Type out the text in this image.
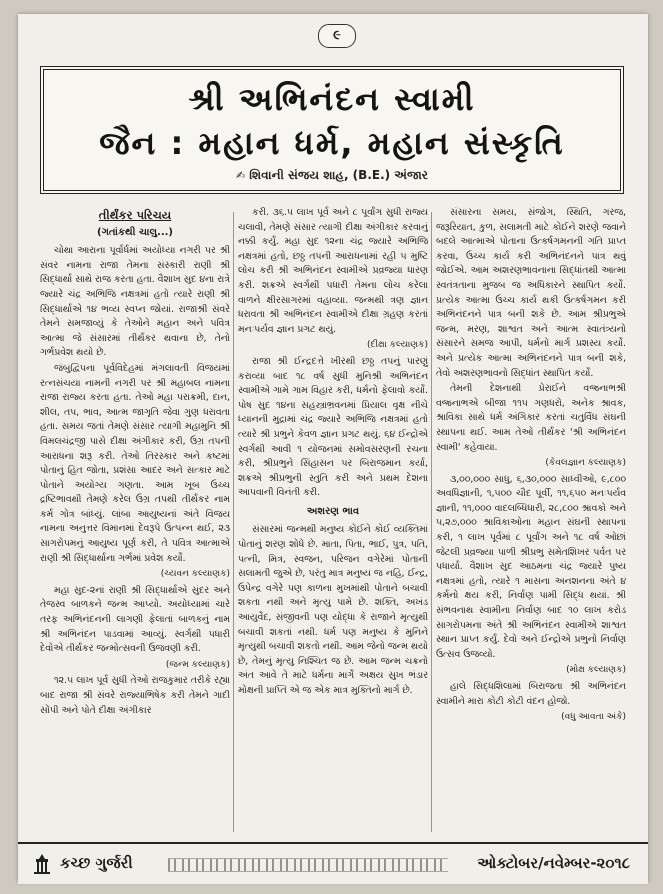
૯
શ્રી અભિનંદન સ્વામી
જૈન : મહાન ધર્મ, મહાન સંસ્કૃતિ
✍ શિવાની સંજય શાહ, (B.E.) અંજાર
તીર્થંકર પરિચય
(ગતાંકથી ચાલુ...)

ચોથા આરાના પૂર્વાર્ધમાં અયોધ્યા નગરી પર શ્રી સંવર નામના રાજા તેમના સંસ્કારી રાણી શ્રી સિદ્ધાર્થા સાથે રાજ કરતા હતા. વૈશાખ સુદ ૪ના રાત્રે જ્યારે ચંદ્ર અભિજિ નક્ષત્રમાં હતો ત્યારે રાણી શ્રી સિદ્ધાર્થાએ ૧૪ ભવ્ય સ્વપ્ન જોયાં. રાજાશ્રી સંવરે તેમને સમજાવ્યું કે તેઓને મહાન અને પવિત્ર આત્મા જે સંસારમાં તીર્થંકર થવાના છે, તેનો ગર્ભપ્રવેશ થયો છે.

જંબુદ્વિપના પૂર્વવિદેહમાં મંગલાવતી વિજયમાં રત્નસંચયા નામની નગરી પર શ્રી મહાબલ નામના રાજા રાજ્ય કરતા હતા. તેઓ મહા પરાક્રમી, દાન, શીલ, તપ, ભાવ, આત્મ જાગૃતિ જેવા ગુણ ધરાવતા હતા. સમય જતાં તેમણે સંસાર ત્યાગી મહામુનિ શ્રી વિમલચંદ્રજી પાસે દીક્ષા અંગીકાર કરી, ઉગ્ર તપની આરાધના શરૂ કરી. તેઓ તિરસ્કાર અને કષ્ટમાં પોતાનું હિત જોતા, પ્રશંસા આદર અને સત્કાર માટે પોતાને અયોગ્ય ગણતા. આમ ખૂબ ઉચ્ચ દ્રષ્ટિભાવથી તેમણે કરેલ ઉગ્ર તપથી તીર્થંકર નામ કર્મ ગોત્ર બાંધ્યું. લાંબા આયુષ્યનાં અંતે વિજય નામના અનુત્તર વિમાનમાં દેવરૂપે ઉત્પન્ન થઈ, ૨૩ સાગરોપમનું આયુષ્ય પૂર્ણ કરી, તે પવિત્ર આત્માએ રાણી શ્રી સિદ્ધાર્થાના ગર્ભમાં પ્રવેશ કર્યો.

(ચ્યવન કલ્યાણક)

મહા સુદ-૨નાં રાણી શ્રી સિદ્ધાર્થાએ સુંદર અને તેજસ્વ બાળકને જન્મ આપ્યો. અયોધ્યામાં ચારે તરફ અભિનંદનની લાગણી ફેલાતાં બાળકનું નામ શ્રી અભિનંદન પાડવામાં આવ્યું. સ્વર્ગથી પધારી દેવોએ તીર્થંકર જન્મોત્સવની ઉજવણી કરી.

(જન્મ કલ્યાણક)

૧૨.૫ લાખ પૂર્વ સુધી તેઓ રાજકુમાર તરીકે રહ્યા બાદ રાજા શ્રી સંવરે રાજ્યાભિષેક કરી તેમને ગાદી સોંપી અને પોતે દીક્ષા અંગીકાર

કરી. ૩૬.૫ લાખ પૂર્વ અને ૮ પૂર્વાંગ સુધી રાજ્ય ચલાવી, તેમણે સંસાર ત્યાગી દીક્ષા અંગીકાર કરવાનું નક્કી કર્યું. મહા સુદ ૧૨ના ચંદ્ર જ્યારે અભિજિ નક્ષત્રમાં હતો, છઠ્ઠ તપની આરાધનામાં રહી ૫ મુષ્ટિ લોચ કરી શ્રી અભિનંદન સ્વામીએ પ્રવ્રજ્યા ધારણ કરી. શક્રએ સ્વર્ગથી પધારી તેમના લોચ કરેલા વાળને ક્ષીરસાગરમાં વહાવ્યા. જન્મથી ત્રણ જ્ઞાન ધરાવતા શ્રી અભિનંદન સ્વામીએ દીક્ષા ગ્રહણ કરતાં મનઃપર્યવ જ્ઞાન પ્રગટ થયું.

(દીક્ષા કલ્યાણક)

રાજા શ્રી ઈન્દ્રદત્તે ખીરથી છઠ્ઠ તપનું પારણું કરાવ્યા બાદ ૧૮ વર્ષ સુધી મુનિશ્રી અભિનંદન સ્વામીએ ગામે ગામ વિહાર કરી, ધર્મનો ફેલાવો કર્યો. પોષ સુદ ૧૪ના સહસ્ત્રાભ્રવનમાં પ્રિયાલ વૃક્ષ નીચે ધ્યાનની મુદ્રામાં ચંદ્ર જ્યારે અભિજિ નક્ષત્રમાં હતો ત્યારે શ્રી પ્રભુને કેવળ જ્ઞાન પ્રગટ થયું. ૬૪ ઈન્દ્રોએ સ્વર્ગથી આવી ૧ યોજનમાં સમોવસરણની રચના કરી, શ્રીપ્રભુને સિંહાસન પર બિરાજમાન કર્યા, શક્રએ શ્રીપ્રભુની સ્તુતિ કરી અને પ્રથમ દેશના આપવાની વિનંતી કરી.

અશરણ ભાવ

સંસારમાં જન્મથી મનુષ્ય કોઈને કોઈ વ્યક્તિમાં પોતાનું શરણ શોધે છે. માતા, પિતા, ભાઈ, પુત્ર, પતિ, પત્ની, મિત્ર, સ્વજન, પરિજન વગેરેમાં પોતાની સલામતી જુએ છે, પરંતુ માત્ર મનુષ્ય જ નહિ, ઈન્દ્ર, ઉપેન્દ્ર વગેરે પણ કાળના મુખમાંથી પોતાને બચાવી શકતા નથી અને મૃત્યુ પામે છે. શક્તિ, અખંડ આયુર્વેદ, સંજીવની પણ યોદ્ધા કે રાજાને મૃત્યુથી બચાવી શકતાં નથી. ધર્મ પણ મનુષ્ય કે મુનિને મૃત્યુથી બચાવી શકતો નથી. આમ જેનો જન્મ થયો છે, તેમનું મૃત્યુ નિશ્ચિત જ છે. આમ જન્મ ચક્રનો અંત આવે તે માટે ધર્મના માર્ગે અક્ષય સુખ ભંડાર મોક્ષની પ્રાપ્તિ એ જ એક માત્ર મુક્તિનો માર્ગ છે.

સંસારના સમય, સંજોગ, સ્થિતિ, ગરજ, જરૂરિયાત, કુળ, સલામતી માટે કોઈને શરણે જવાને બદલે આત્માએ પોતાના ઉત્કર્ષગમનની ગતિ પ્રાપ્ત કરવા, ઉચ્ચ કાર્ય કરી અભિનંદનને પાત્ર થવું જોઈએ. આમ અશરણભાવનાના સિદ્ધાંતથી આત્મા સ્વતંત્રતાના મુજબ જ અધિકારને સ્થાપિત કર્યો. પ્રત્યેક આત્મા ઉચ્ચ કાર્ય થકી ઉત્કર્ષગમન કરી અભિનંદનને પાત્ર બની શકે છે. આમ શ્રીપ્રભુએ જન્મ, મરણ, શાશ્વત અને આત્મ સ્વાતંત્ર્યનો સંસારને સમજ આપી, ધર્મનો માર્ગ પ્રશસ્ય કર્યો. અને પ્રત્યેક આત્મા અભિનંદનને પાત્ર બની શકે, તેવો અશરણભાવનો સિદ્ધાંત સ્થાપિત કર્યો.

તેમની દેશનાથી પ્રેરાઈને વજ્રનાભશ્રી વજ્રનાભએ બીજા ૧૧૫ ગણધરો, અનેક શ્રાવક, શ્રાવિકા સાથે ધર્મ અંગિકાર કરતાં ચતુર્વિધ સંઘની સ્થાપના થઈ. આમ તેઓ તીર્થંકર 'શ્રી અભિનંદન સ્વામી' કહેવાયા.

(કેવલજ્ઞાન કલ્યાણક)

૩,૦૦,૦૦૦ સાધુ, ૬,૩૦,૦૦૦ સાધ્વીઓ, ૯,૮૦૦ અવધિજ્ઞાની, ૧,૫૦૦ ચૌદ પૂર્વી, ૧૧,૬૫૦ મનઃપર્યવ જ્ઞાની, ૧૧,૦૦૦ વાદલબ્ધિધારી, ૨૮,૮૦૦ શ્રાવકો અને ૫,૨૭,૦૦૦ શ્રાવિકાઓના મહાન સંઘની સ્થાપના કરી, ૧ લાખ પૂર્વમાં ૮ પૂર્વાંગ અને ૧૮ વર્ષ ઓછાં જેટલી પ્રવ્રજ્યા પાળી શ્રીપ્રભુ સમેતશિખર પર્વત પર પધાર્યા. વૈશાખ સુદ આઠમના ચંદ્ર જ્યારે પુષ્ય નક્ષત્રમાં હતો, ત્યારે ૧ માસના અનશનના અંતે ૪ કર્મનો ક્ષય કરી, નિર્વાણ પામી સિદ્ધ થયાં. શ્રી સંભવનાથ સ્વામીના નિર્વાણ બાદ ૧૦ લાખ કરોડ સાગરોપમના અંતે શ્રી અભિનંદન સ્વામીએ શાશ્વત સ્થાન પ્રાપ્ત કર્યું. દેવો અને ઈન્દ્રોએ પ્રભુનો નિર્વાણ ઉત્સવ ઉજવ્યો.

(મોક્ષ કલ્યાણક)

હાલે સિદ્ધશિલામાં બિરાજતા શ્રી અભિનંદન સ્વામીને મારા કોટી કોટી વંદન હોજો.

(વધુ આવતા અંકે)
કચ્છ ગુર્જરી	ઓક્ટોબર/નવેમ્બર-૨૦૧૮
